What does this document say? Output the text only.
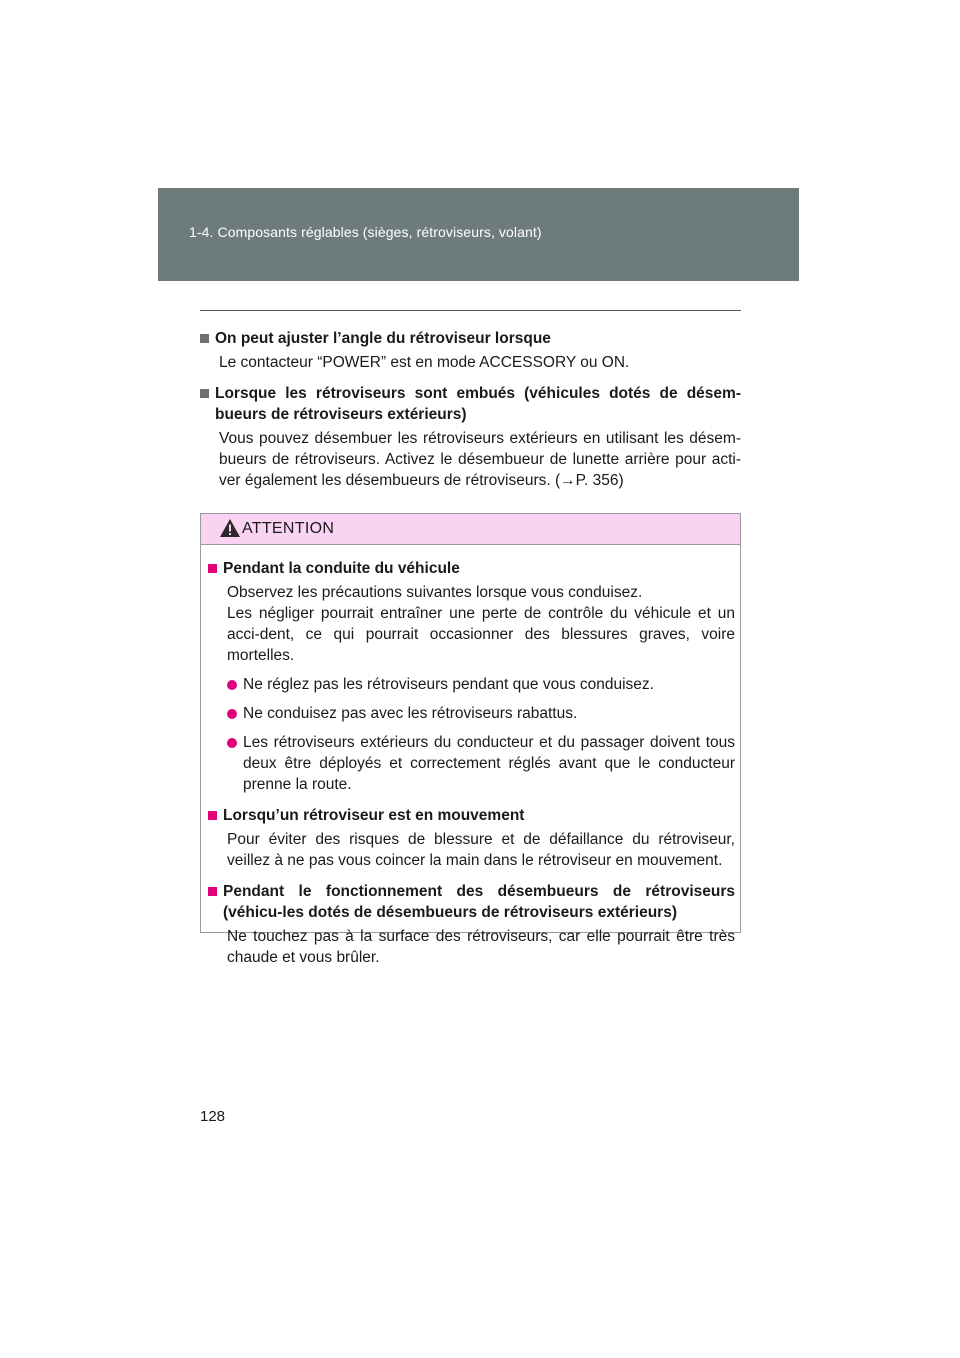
1-4. Composants réglables (sièges, rétroviseurs, volant)
On peut ajuster l’angle du rétroviseur lorsque
Le contacteur “POWER” est en mode ACCESSORY ou ON.
Lorsque les rétroviseurs sont embués (véhicules dotés de désem-bueurs de rétroviseurs extérieurs)
Vous pouvez désembuer les rétroviseurs extérieurs en utilisant les désem-bueurs de rétroviseurs. Activez le désembueur de lunette arrière pour acti-ver également les désembueurs de rétroviseurs. (→P. 356)
ATTENTION
Pendant la conduite du véhicule
Observez les précautions suivantes lorsque vous conduisez.
Les négliger pourrait entraîner une perte de contrôle du véhicule et un acci-dent, ce qui pourrait occasionner des blessures graves, voire mortelles.
Ne réglez pas les rétroviseurs pendant que vous conduisez.
Ne conduisez pas avec les rétroviseurs rabattus.
Les rétroviseurs extérieurs du conducteur et du passager doivent tous deux être déployés et correctement réglés avant que le conducteur prenne la route.
Lorsqu’un rétroviseur est en mouvement
Pour éviter des risques de blessure et de défaillance du rétroviseur, veillez à ne pas vous coincer la main dans le rétroviseur en mouvement.
Pendant le fonctionnement des désembueurs de rétroviseurs (véhicu-les dotés de désembueurs de rétroviseurs extérieurs)
Ne touchez pas à la surface des rétroviseurs, car elle pourrait être très chaude et vous brûler.
128
